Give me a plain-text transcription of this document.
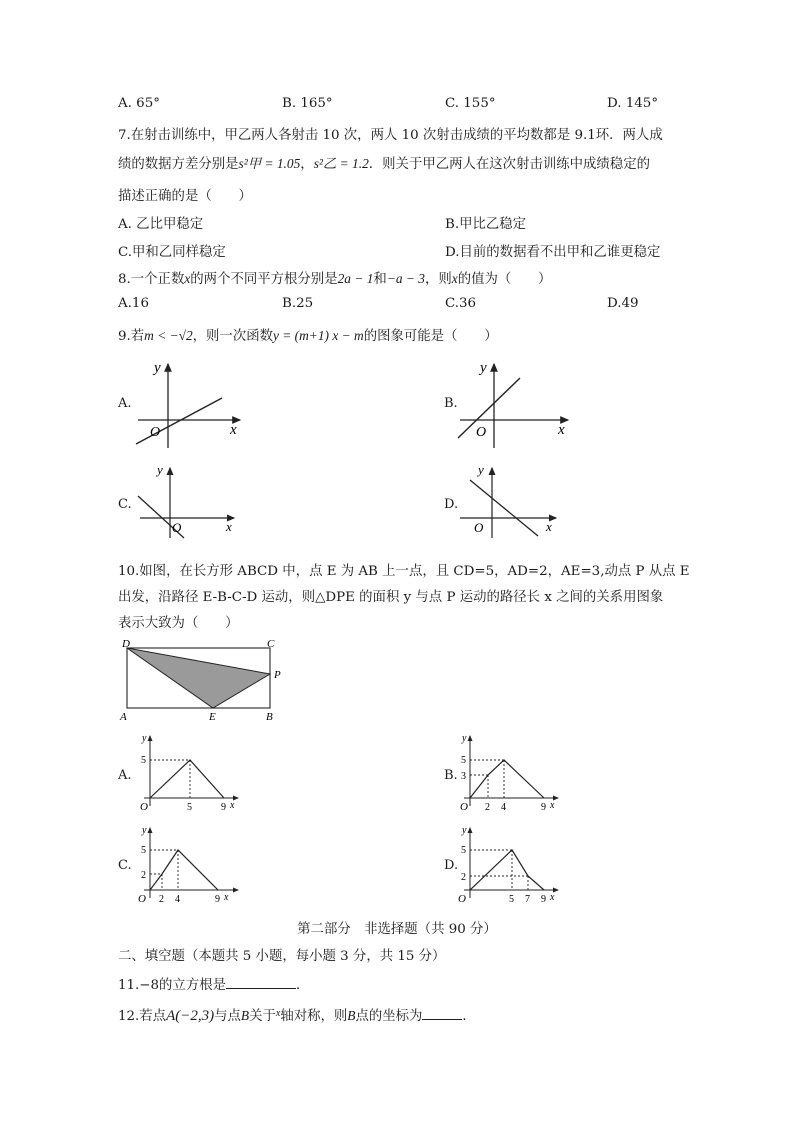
A. 65°	B. 165°	C. 155°	D. 145°
7.在射击训练中，甲乙两人各射击 10 次，两人 10 次射击成绩的平均数都是 9.1环．两人成
绩的数据方差分别是s²甲 = 1.05，s²乙 = 1.2．则关于甲乙两人在这次射击训练中成绩稳定的
描述正确的是（　　）
A. 乙比甲稳定	B.甲比乙稳定
C.甲和乙同样稳定	D.目前的数据看不出甲和乙谁更稳定
8.一个正数x的两个不同平方根分别是2a − 1和−a − 3，则x的值为（　　）
A.16	B.25	C.36	D.49
9.若m < −√2，则一次函数y = (m+1) x − m的图象可能是（　　）
A.
y
x
O
B.
y
x
O
C.
y
x
O
D.
y
x
O
10.如图，在长方形 ABCD 中，点 E 为 AB 上一点，且 CD=5，AD=2，AE=3,动点 P 从点 E
出发，沿路径 E-B-C-D 运动，则△DPE 的面积 y 与点 P 运动的路径长 x 之间的关系用图象
表示大致为（　　）
D	C
A	E	B
P
A.
y
x
O
5
5	9
B.
y
x
O
5
3
2 4	9
C.
y
x
O
5
2
2 4	9
D.
y
x
O
5
2
5 7 9
第二部分　非选择题（共 90 分）
二、填空题（本题共 5 小题，每小题 3 分，共 15 分）
11.−8的立方根是	．
12.若点A(−2,3)与点B关于$^x$轴对称，则B点的坐标为	．
